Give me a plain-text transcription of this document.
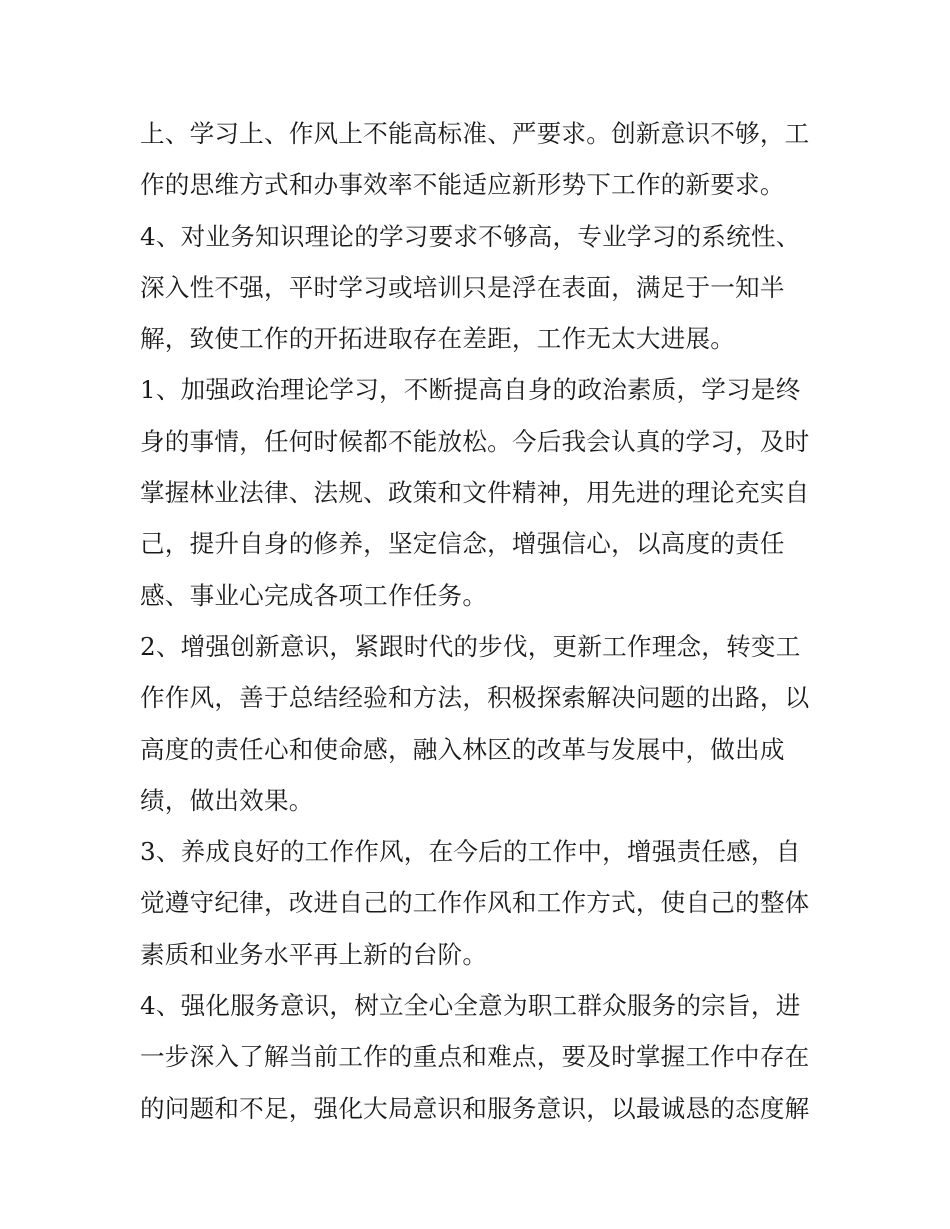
上、学习上、作风上不能高标准、严要求。创新意识不够，工
作的思维方式和办事效率不能适应新形势下工作的新要求。
4、对业务知识理论的学习要求不够高，专业学习的系统性、
深入性不强，平时学习或培训只是浮在表面，满足于一知半
解，致使工作的开拓进取存在差距，工作无太大进展。
1、加强政治理论学习，不断提高自身的政治素质，学习是终
身的事情，任何时候都不能放松。今后我会认真的学习，及时
掌握林业法律、法规、政策和文件精神，用先进的理论充实自
己，提升自身的修养，坚定信念，增强信心，以高度的责任
感、事业心完成各项工作任务。
2、增强创新意识，紧跟时代的步伐，更新工作理念，转变工
作作风，善于总结经验和方法，积极探索解决问题的出路，以
高度的责任心和使命感，融入林区的改革与发展中，做出成
绩，做出效果。
3、养成良好的工作作风，在今后的工作中，增强责任感，自
觉遵守纪律，改进自己的工作作风和工作方式，使自己的整体
素质和业务水平再上新的台阶。
4、强化服务意识，树立全心全意为职工群众服务的宗旨，进
一步深入了解当前工作的重点和难点，要及时掌握工作中存在
的问题和不足，强化大局意识和服务意识，以最诚恳的态度解
